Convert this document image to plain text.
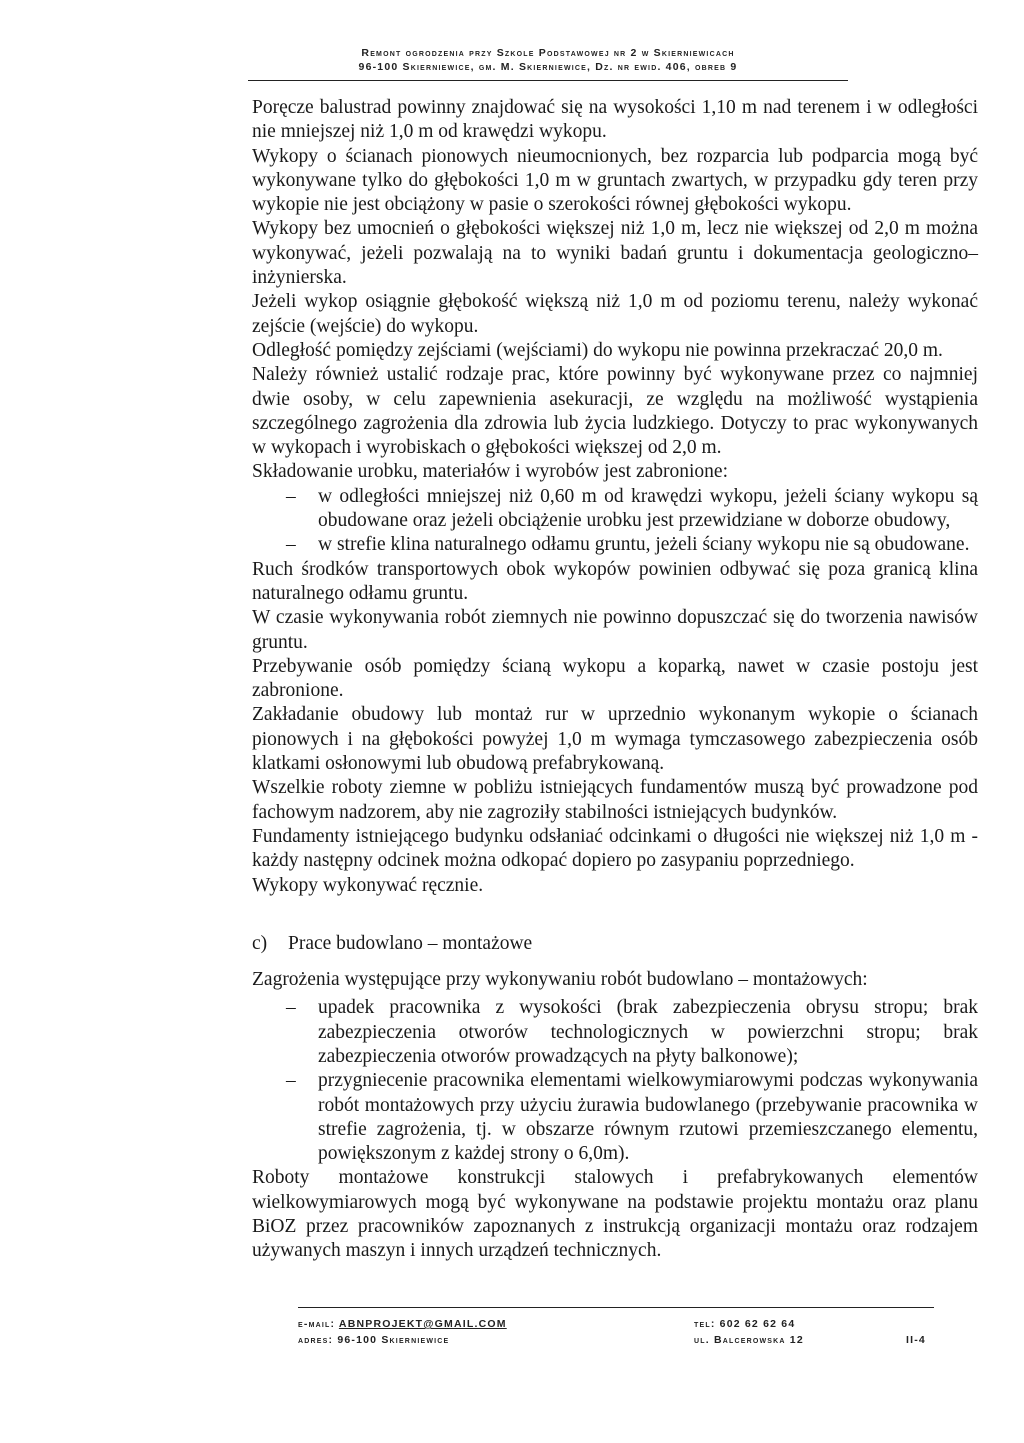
Remont ogrodzenia przy Szkole Podstawowej nr 2 w Skierniewicach
96-100 Skierniewice, gm. M. Skierniewice, Dz. nr ewid. 406, obreb 9

Poręcze balustrad powinny znajdować się na wysokości 1,10 m nad terenem i w odległości nie mniejszej niż 1,0 m od krawędzi wykopu.

Wykopy o ścianach pionowych nieumocnionych, bez rozparcia lub podparcia mogą być wykonywane tylko do głębokości 1,0 m w gruntach zwartych, w przypadku gdy teren przy wykopie nie jest obciążony w pasie o szerokości równej głębokości wykopu.

Wykopy bez umocnień o głębokości większej niż 1,0 m, lecz nie większej od 2,0 m można wykonywać, jeżeli pozwalają na to wyniki badań gruntu i dokumentacja geologiczno–inżynierska.

Jeżeli wykop osiągnie głębokość większą niż 1,0 m od poziomu terenu, należy wykonać zejście (wejście) do wykopu.

Odległość pomiędzy zejściami (wejściami) do wykopu nie powinna przekraczać 20,0 m.

Należy również ustalić rodzaje prac, które powinny być wykonywane przez co najmniej dwie osoby, w celu zapewnienia asekuracji, ze względu na możliwość wystąpienia szczególnego zagrożenia dla zdrowia lub życia ludzkiego. Dotyczy to prac wykonywanych w wykopach i wyrobiskach o głębokości większej od 2,0 m.

Składowanie urobku, materiałów i wyrobów jest zabronione:

– w odległości mniejszej niż 0,60 m od krawędzi wykopu, jeżeli ściany wykopu są obudowane oraz jeżeli obciążenie urobku jest przewidziane w doborze obudowy,
– w strefie klina naturalnego odłamu gruntu, jeżeli ściany wykopu nie są obudowane.

Ruch środków transportowych obok wykopów powinien odbywać się poza granicą klina naturalnego odłamu gruntu.

W czasie wykonywania robót ziemnych nie powinno dopuszczać się do tworzenia nawisów gruntu.

Przebywanie osób pomiędzy ścianą wykopu a koparką, nawet w czasie postoju jest zabronione.

Zakładanie obudowy lub montaż rur w uprzednio wykonanym wykopie o ścianach pionowych i na głębokości powyżej 1,0 m wymaga tymczasowego zabezpieczenia osób klatkami osłonowymi lub obudową prefabrykowaną.

Wszelkie roboty ziemne w pobliżu istniejących fundamentów muszą być prowadzone pod fachowym nadzorem, aby nie zagroziły stabilności istniejących budynków.

Fundamenty istniejącego budynku odsłaniać odcinkami o długości nie większej niż 1,0 m - każdy następny odcinek można odkopać dopiero po zasypaniu poprzedniego.

Wykopy wykonywać ręcznie.

c) Prace budowlano – montażowe

Zagrożenia występujące przy wykonywaniu robót budowlano – montażowych:

– upadek pracownika z wysokości (brak zabezpieczenia obrysu stropu; brak zabezpieczenia otworów technologicznych w powierzchni stropu; brak zabezpieczenia otworów prowadzących na płyty balkonowe);
– przygniecenie pracownika elementami wielkowymiarowymi podczas wykonywania robót montażowych przy użyciu żurawia budowlanego (przebywanie pracownika w strefie zagrożenia, tj. w obszarze równym rzutowi przemieszczanego elementu, powiększonym z każdej strony o 6,0m).

Roboty montażowe konstrukcji stalowych i prefabrykowanych elementów wielkowymiarowych mogą być wykonywane na podstawie projektu montażu oraz planu BiOZ przez pracowników zapoznanych z instrukcją organizacji montażu oraz rodzajem używanych maszyn i innych urządzeń technicznych.

e-mail: ABNPROJEKT@GMAIL.COM
adres: 96-100 Skierniewice
tel: 602 62 62 64
ul. Balcerowska 12
	II-4
